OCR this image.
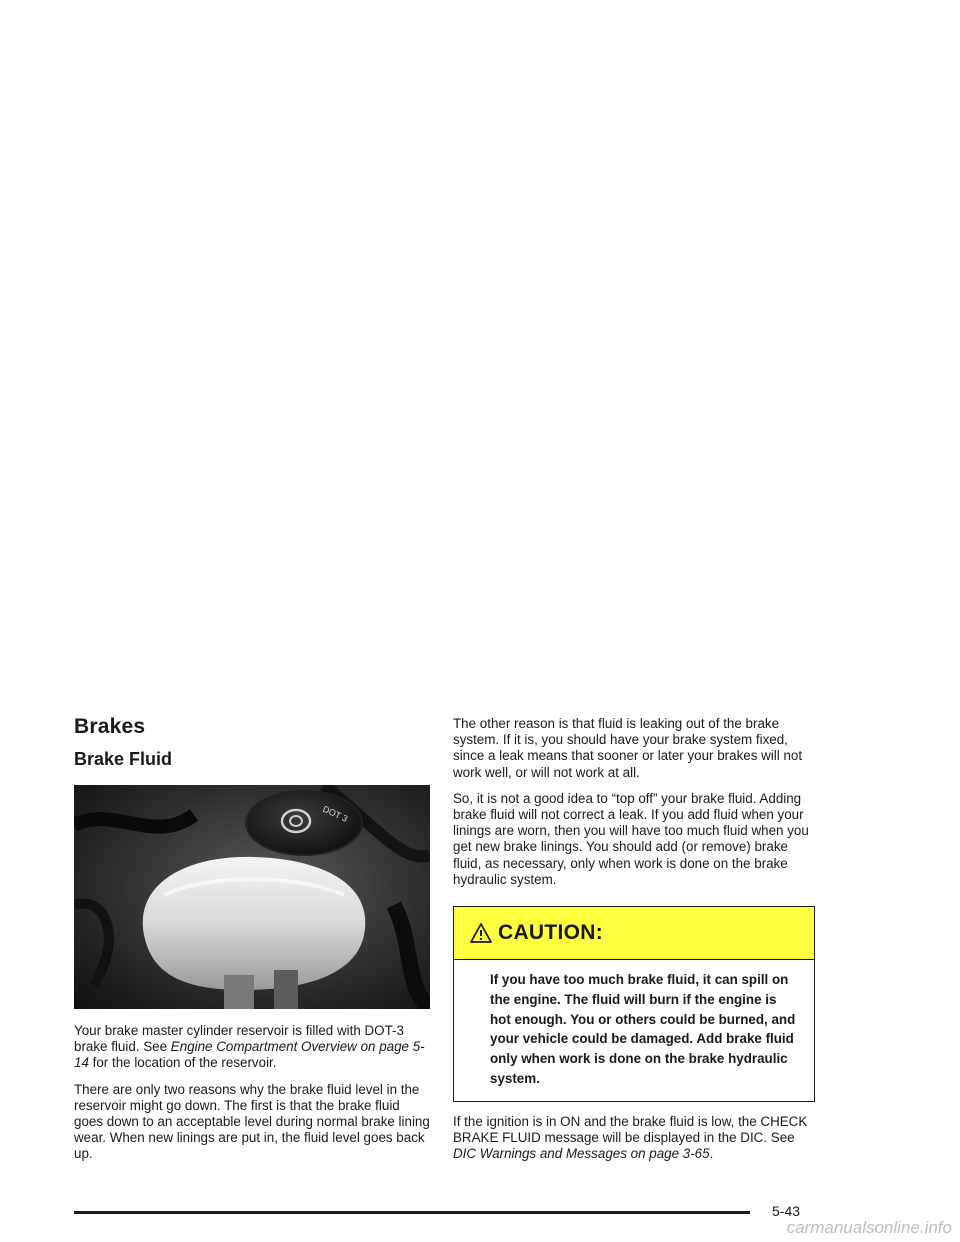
Brakes
Brake Fluid
DOT 3

Your brake master cylinder reservoir is filled with DOT-3 brake fluid. See Engine Compartment Overview on page 5-14 for the location of the reservoir.

There are only two reasons why the brake fluid level in the reservoir might go down. The first is that the brake fluid goes down to an acceptable level during normal brake lining wear. When new linings are put in, the fluid level goes back up.

The other reason is that fluid is leaking out of the brake system. If it is, you should have your brake system fixed, since a leak means that sooner or later your brakes will not work well, or will not work at all.

So, it is not a good idea to “top off” your brake fluid. Adding brake fluid will not correct a leak. If you add fluid when your linings are worn, then you will have too much fluid when you get new brake linings. You should add (or remove) brake fluid, as necessary, only when work is done on the brake hydraulic system.

CAUTION:
If you have too much brake fluid, it can spill on the engine. The fluid will burn if the engine is hot enough. You or others could be burned, and your vehicle could be damaged. Add brake fluid only when work is done on the brake hydraulic system.

If the ignition is in ON and the brake fluid is low, the CHECK BRAKE FLUID message will be displayed in the DIC. See DIC Warnings and Messages on page 3-65.

5-43
carmanualsonline.info
